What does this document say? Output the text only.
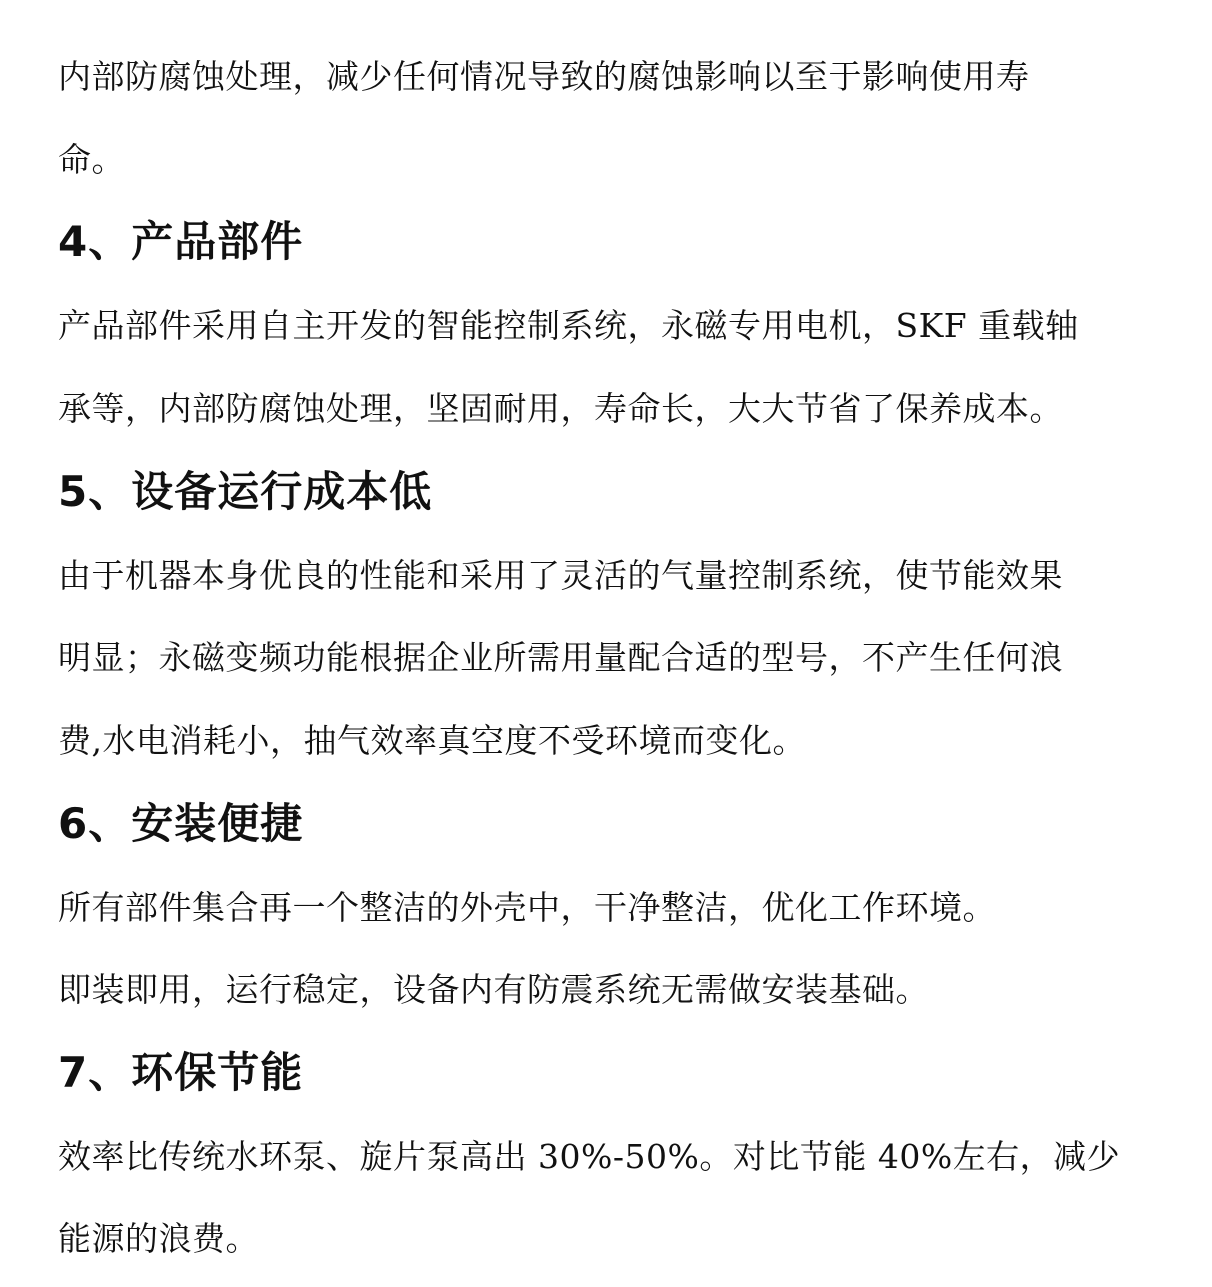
内部防腐蚀处理，减少任何情况导致的腐蚀影响以至于影响使用寿
命。
4、产品部件
产品部件采用自主开发的智能控制系统，永磁专用电机，SKF 重载轴
承等，内部防腐蚀处理，坚固耐用，寿命长，大大节省了保养成本。
5、设备运行成本低
由于机器本身优良的性能和采用了灵活的气量控制系统，使节能效果
明显；永磁变频功能根据企业所需用量配合适的型号，不产生任何浪
费,水电消耗小，抽气效率真空度不受环境而变化。
6、安装便捷
所有部件集合再一个整洁的外壳中，干净整洁，优化工作环境。
即装即用，运行稳定，设备内有防震系统无需做安装基础。
7、环保节能
效率比传统水环泵、旋片泵高出 30%-50%。对比节能 40%左右，减少
能源的浪费。
